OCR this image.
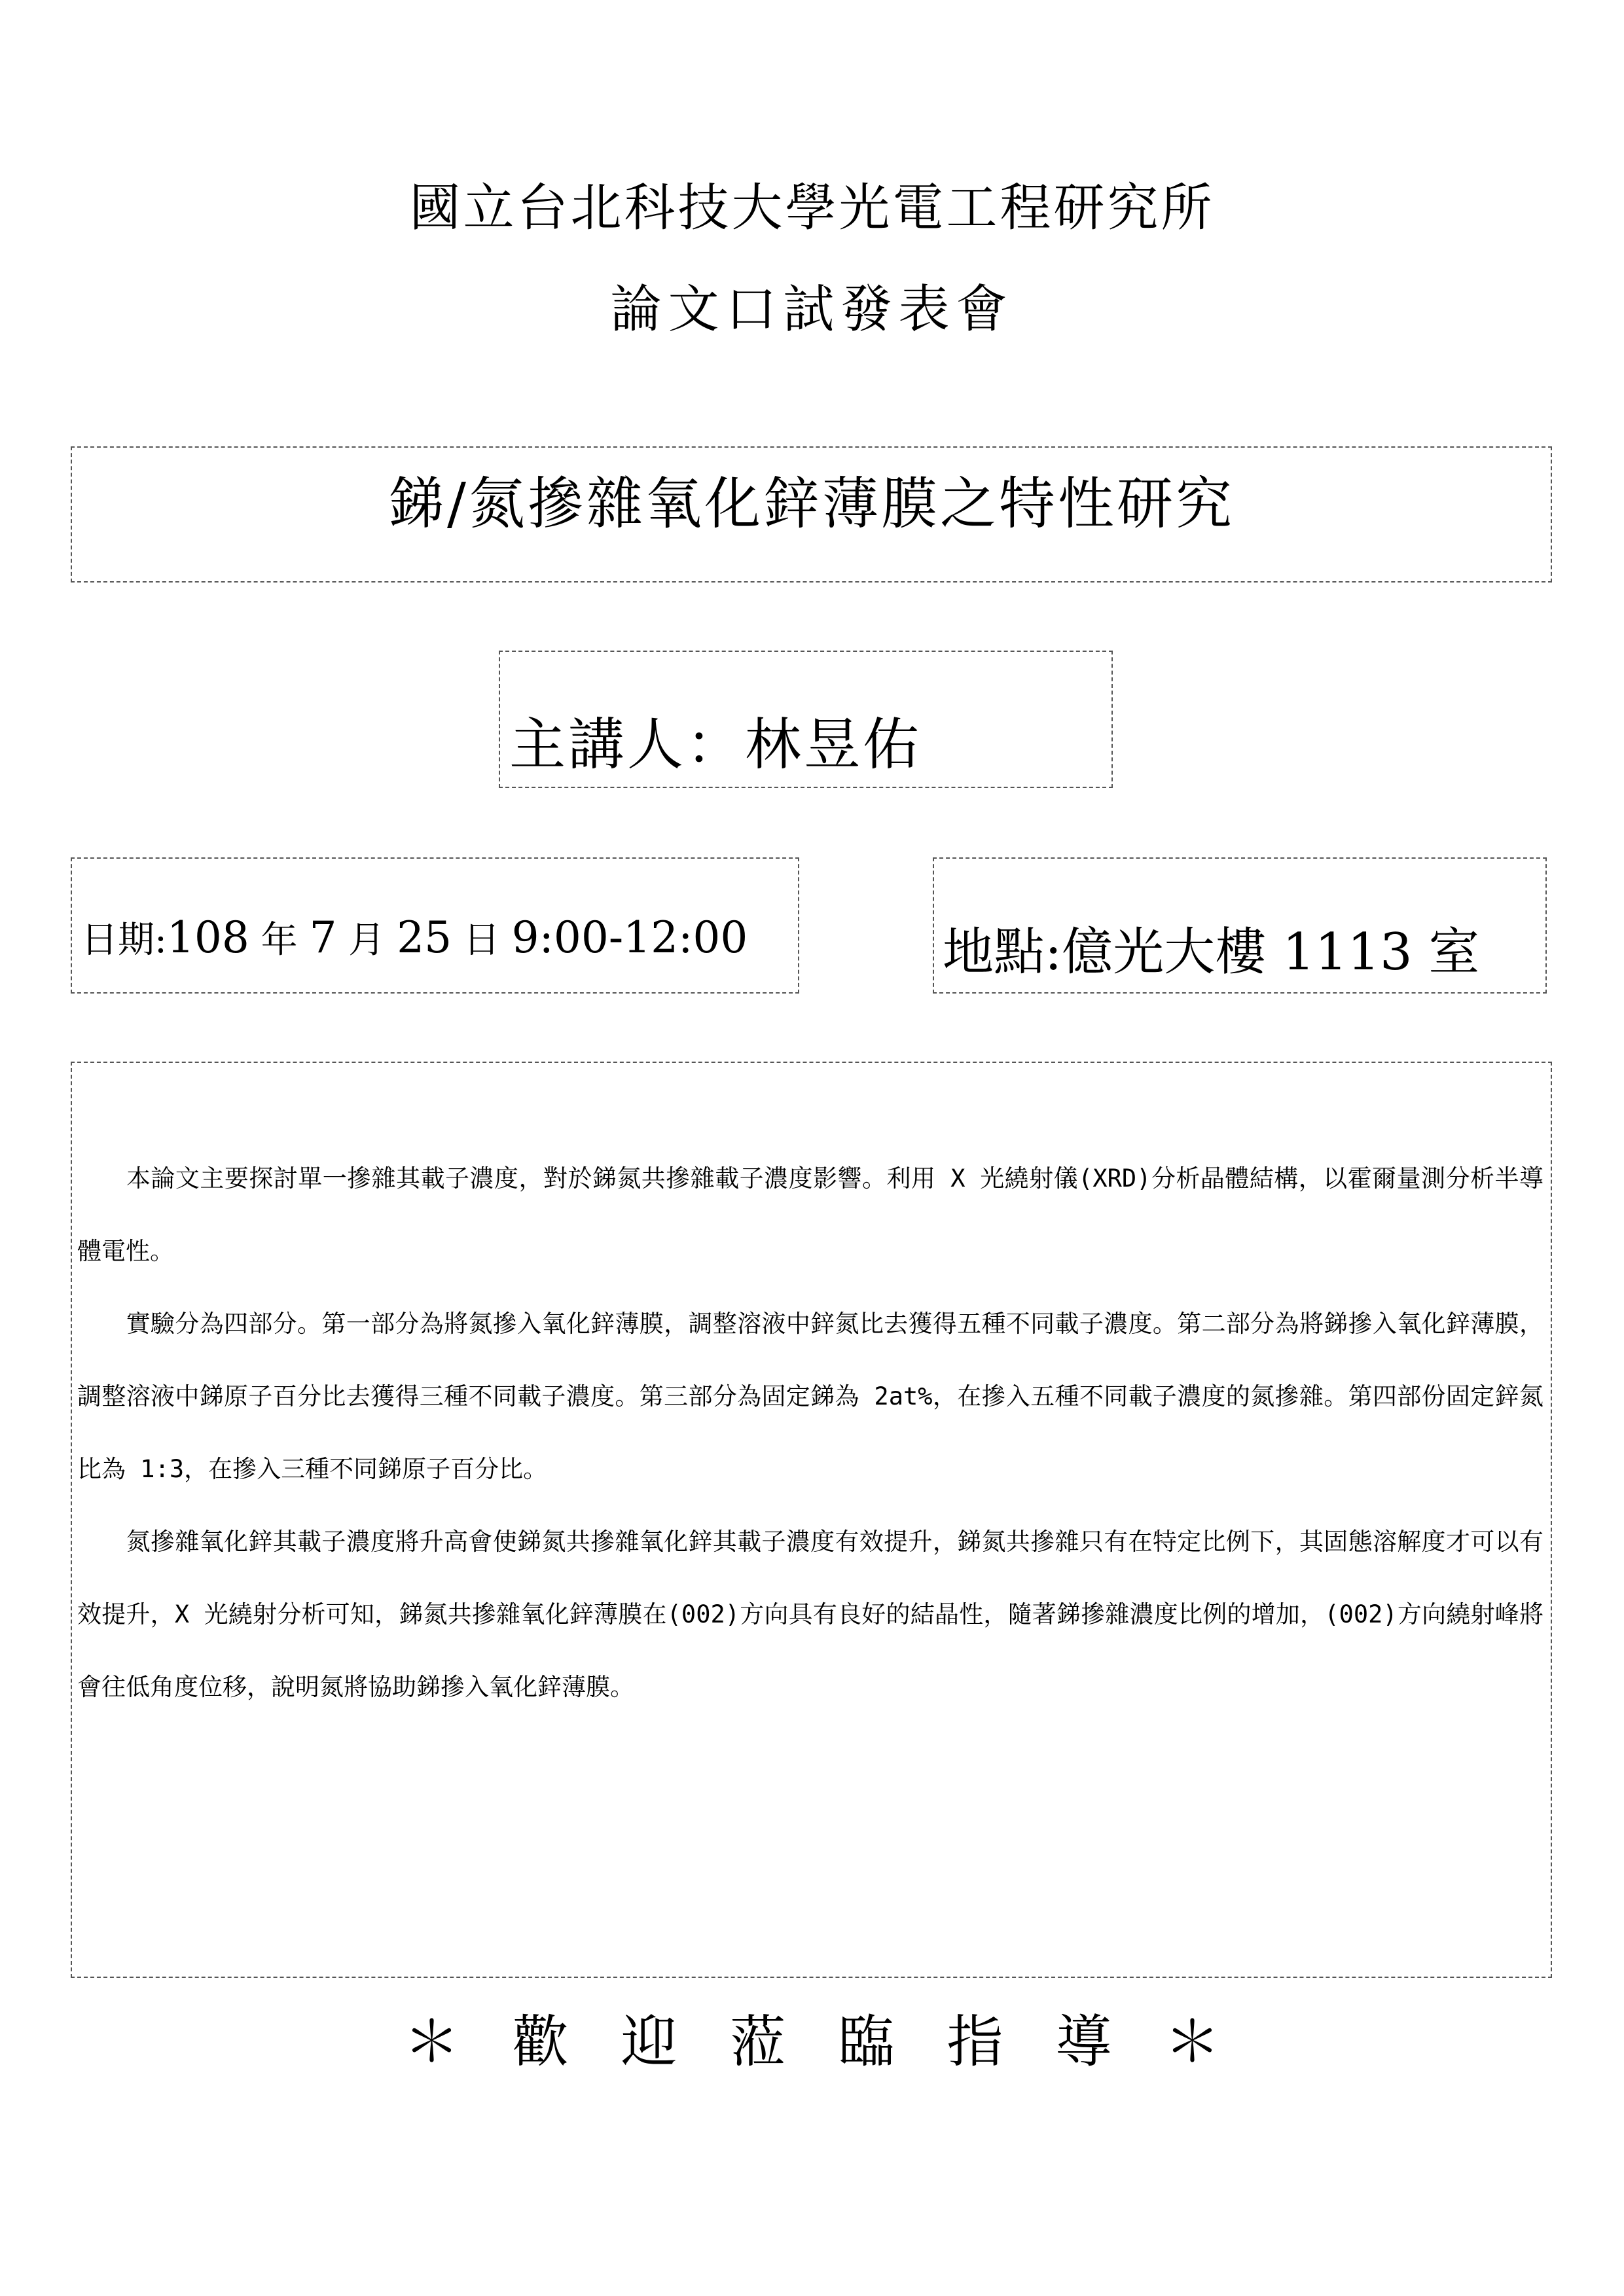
國立台北科技大學光電工程研究所
論文口試發表會
銻/氮摻雜氧化鋅薄膜之特性研究
主講人：林昱佑
日期:108 年 7 月 25 日 9:00-12:00	地點:億光大樓 1113 室

　　本論文主要探討單一摻雜其載子濃度，對於銻氮共摻雜載子濃度影響。利用 X 光繞射儀(XRD)分析晶體結構，以霍爾量測分析半導體電性。

　　實驗分為四部分。第一部分為將氮摻入氧化鋅薄膜，調整溶液中鋅氮比去獲得五種不同載子濃度。第二部分為將銻摻入氧化鋅薄膜，調整溶液中銻原子百分比去獲得三種不同載子濃度。第三部分為固定銻為 2at%，在摻入五種不同載子濃度的氮摻雜。第四部份固定鋅氮比為 1:3，在摻入三種不同銻原子百分比。

　　氮摻雜氧化鋅其載子濃度將升高會使銻氮共摻雜氧化鋅其載子濃度有效提升，銻氮共摻雜只有在特定比例下，其固態溶解度才可以有效提升，X 光繞射分析可知，銻氮共摻雜氧化鋅薄膜在(002)方向具有良好的結晶性，隨著銻摻雜濃度比例的增加，(002)方向繞射峰將會往低角度位移，說明氮將協助銻摻入氧化鋅薄膜。

＊ 歡 迎 蒞 臨 指 導 ＊
